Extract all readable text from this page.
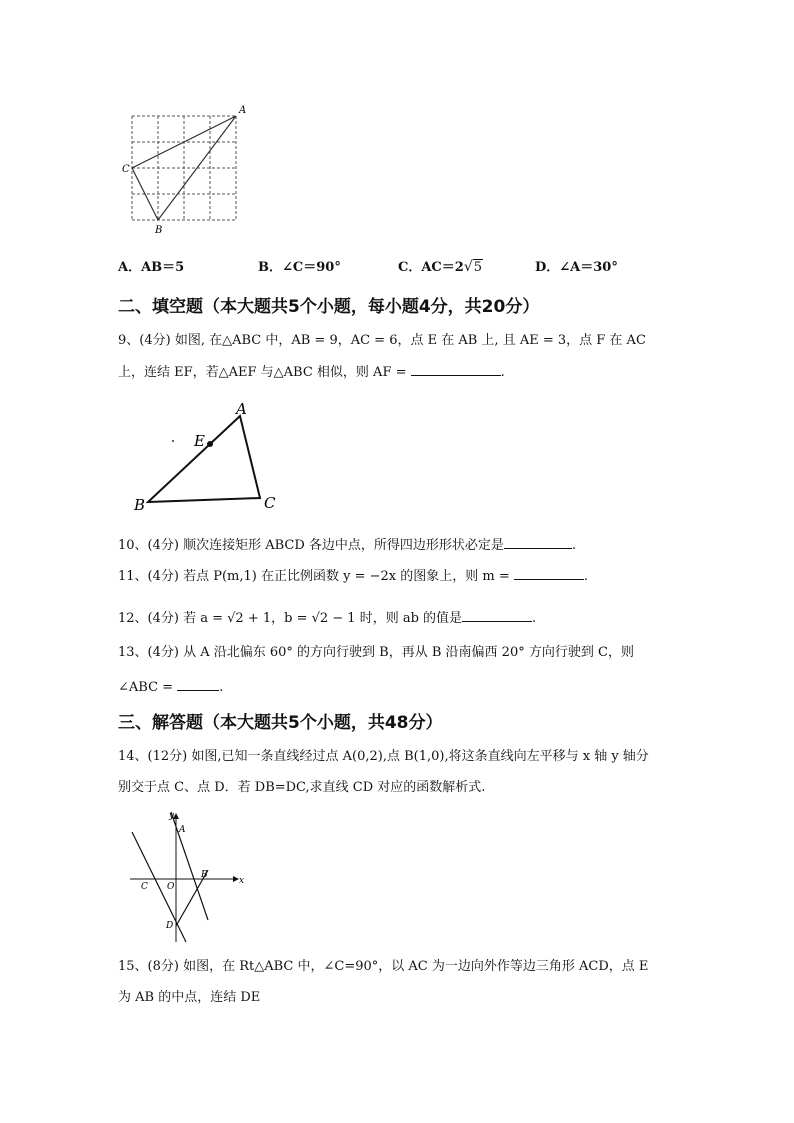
A
C
B
A．AB＝5	B．∠C＝90°	C．AC＝2√5	D．∠A＝30°
二、填空题（本大题共5个小题，每小题4分，共20分）
9、(4分) 如图, 在△ABC 中，AB = 9，AC = 6，点 E 在 AB 上, 且 AE = 3，点 F 在 AC
上，连结 EF，若△AEF 与△ABC 相似，则 AF =	.
A
E
B	C
10、(4分) 顺次连接矩形 ABCD 各边中点，所得四边形形状必定是	.
11、(4分) 若点 P(m,1) 在正比例函数 y = −2x 的图象上，则 m =	.
12、(4分) 若 a = √2 + 1，b = √2 − 1 时，则 ab 的值是	.
13、(4分) 从 A 沿北偏东 60° 的方向行驶到 B，再从 B 沿南偏西 20° 方向行驶到 C，则
∠ABC =	.
三、解答题（本大题共5个小题，共48分）
14、(12分) 如图,已知一条直线经过点 A(0,2),点 B(1,0),将这条直线向左平移与 x 轴 y 轴分
别交于点 C、点 D．若 DB=DC,求直线 CD 对应的函数解析式.
y
x
A
B
C O
D
15、(8分) 如图，在 Rt△ABC 中，∠C=90°，以 AC 为一边向外作等边三角形 ACD，点 E
为 AB 的中点，连结 DE
